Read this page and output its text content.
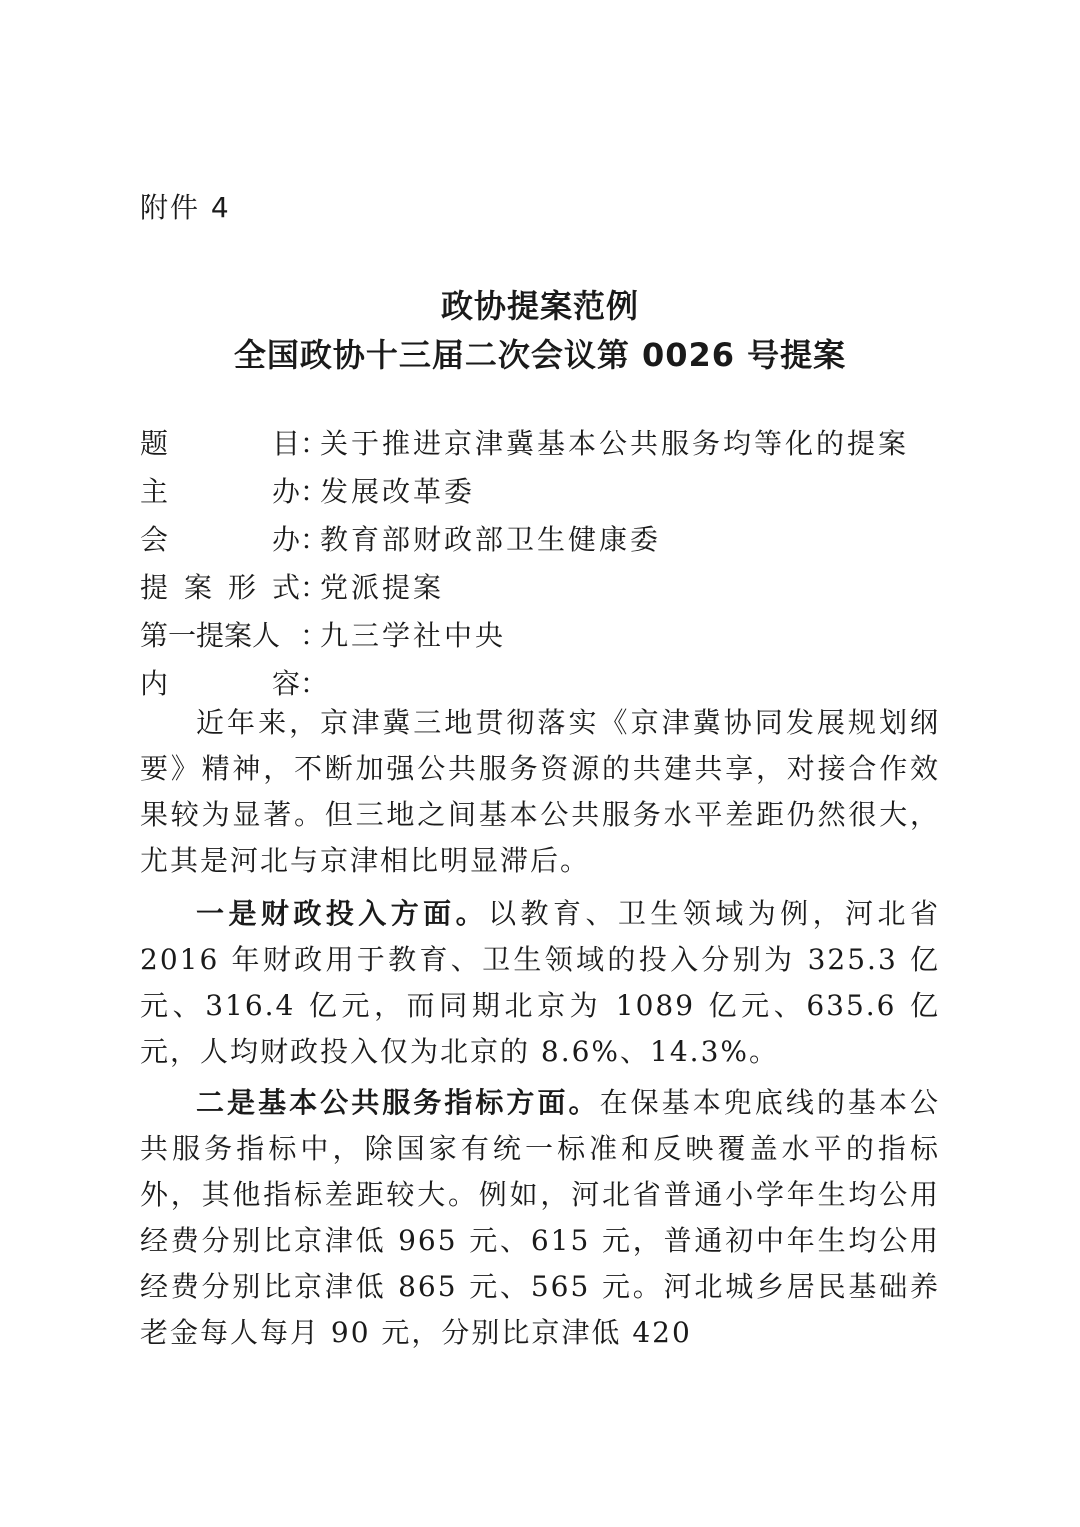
附件 4
政协提案范例
全国政协十三届二次会议第 0026 号提案
题	目 ：
关于推进京津冀基本公共服务均等化的提案
主	办 ：
发展改革委
会	办 ：
教育部财政部卫生健康委
提 案 形 式 ：
党派提案
第一提案人 ：
九三学社中央
内	容 ：

近年来，京津冀三地贯彻落实《京津冀协同发展规划纲要》精神，不断加强公共服务资源的共建共享，对接合作效果较为显著。但三地之间基本公共服务水平差距仍然很大，尤其是河北与京津相比明显滞后。

一是财政投入方面。以教育、卫生领域为例，河北省 2016 年财政用于教育、卫生领域的投入分别为 325.3 亿元、316.4 亿元，而同期北京为 1089 亿元、635.6 亿元，人均财政投入仅为北京的 8.6%、14.3%。

二是基本公共服务指标方面。在保基本兜底线的基本公共服务指标中，除国家有统一标准和反映覆盖水平的指标外，其他指标差距较大。例如，河北省普通小学年生均公用经费分别比京津低 965 元、615 元，普通初中年生均公用经费分别比京津低 865 元、565 元。河北城乡居民基础养老金每人每月 90 元，分别比京津低 420
